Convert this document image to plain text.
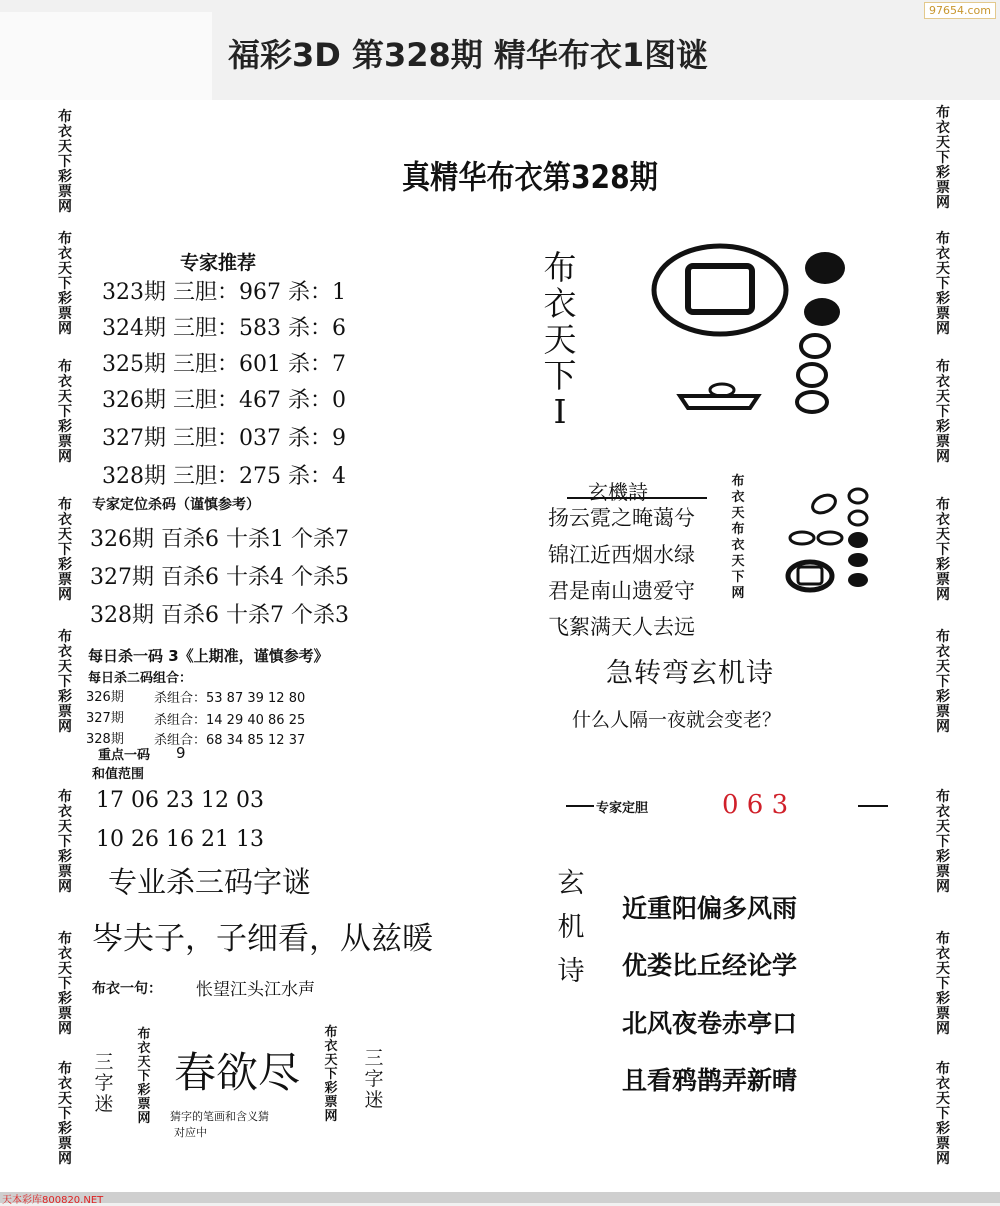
福彩3D 第328期 精华布衣1图谜
97654.com
布衣天下彩票网
布衣天下彩票网
布衣天下彩票网
布衣天下彩票网
布衣天下彩票网
布衣天下彩票网
布衣天下彩票网
布衣天下彩票网
布衣天下彩票网
布衣天下彩票网
布衣天下彩票网
布衣天下彩票网
布衣天下彩票网
布衣天下彩票网
布衣天下彩票网
布衣天下彩票网
真精华布衣第328期
专家推荐
323期 三胆：967 杀：1
324期 三胆：583 杀：6
325期 三胆：601 杀：7
326期 三胆：467 杀：0
327期 三胆：037 杀：9
328期 三胆：275 杀：4
专家定位杀码（谨慎参考）
326期 百杀6 十杀1 个杀7
327期 百杀6 十杀4 个杀5
328期 百杀6 十杀7 个杀3
每日杀一码 3《上期准，谨慎参考》
每日杀二码组合：
326期 杀组合：53 87 39 12 80
327期 杀组合：14 29 40 86 25
328期 杀组合：68 34 85 12 37
重点一码 9
和值范围
17 06 23 12 03
10 26 16 21 13
专业杀三码字谜
岑夫子，子细看，从兹暖
布衣一句： 怅望江头江水声
三字迷
布衣天下彩票网
春欲尽
猜字的笔画和含义猜
对应中
布衣天下彩票网
三字迷
布衣天下I
玄機詩
扬云霓之晻蔼兮
锦江近西烟水绿
君是南山遗爱守
飞絮满天人去远
布衣天布衣天下网
急转弯玄机诗
什么人隔一夜就会变老？
专家定胆	0 6 3
玄机诗
近重阳偏多风雨
优娄比丘经论学
北风夜卷赤亭口
且看鸦鹊弄新晴
天本彩库800820.NET
